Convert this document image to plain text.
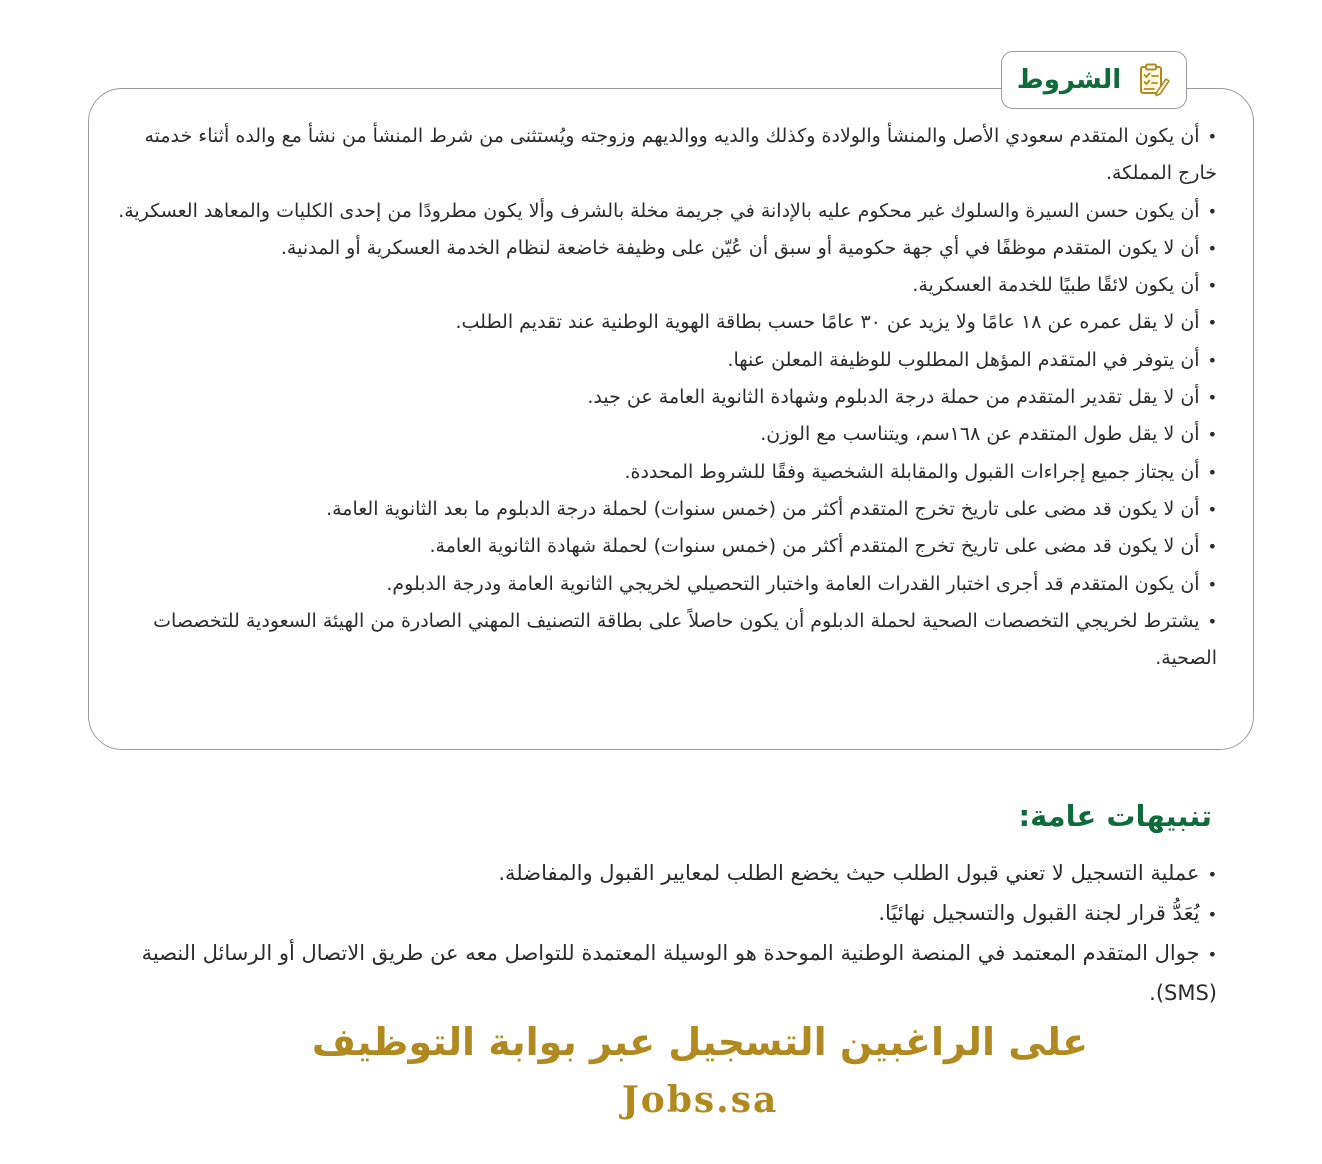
الشروط
•أن يكون المتقدم سعودي الأصل والمنشأ والولادة وكذلك والديه ووالديهم وزوجته ويُستثنى من شرط المنشأ من نشأ مع والده أثناء خدمته خارج المملكة.
•أن يكون حسن السيرة والسلوك غير محكوم عليه بالإدانة في جريمة مخلة بالشرف وألا يكون مطرودًا من إحدى الكليات والمعاهد العسكرية.
•أن لا يكون المتقدم موظفًا في أي جهة حكومية أو سبق أن عُيّن على وظيفة خاضعة لنظام الخدمة العسكرية أو المدنية.
•أن يكون لائقًا طبيًا للخدمة العسكرية.
•أن لا يقل عمره عن ١٨ عامًا ولا يزيد عن ٣٠ عامًا حسب بطاقة الهوية الوطنية عند تقديم الطلب.
•أن يتوفر في المتقدم المؤهل المطلوب للوظيفة المعلن عنها.
•أن لا يقل تقدير المتقدم من حملة درجة الدبلوم وشهادة الثانوية العامة عن جيد.
•أن لا يقل طول المتقدم عن ١٦٨سم، ويتناسب مع الوزن.
•أن يجتاز جميع إجراءات القبول والمقابلة الشخصية وفقًا للشروط المحددة.
•أن لا يكون قد مضى على تاريخ تخرج المتقدم أكثر من (خمس سنوات) لحملة درجة الدبلوم ما بعد الثانوية العامة.
•أن لا يكون قد مضى على تاريخ تخرج المتقدم أكثر من (خمس سنوات) لحملة شهادة الثانوية العامة.
•أن يكون المتقدم قد أجرى اختبار القدرات العامة واختبار التحصيلي لخريجي الثانوية العامة ودرجة الدبلوم.
•يشترط لخريجي التخصصات الصحية لحملة الدبلوم أن يكون حاصلاً على بطاقة التصنيف المهني الصادرة من الهيئة السعودية للتخصصات الصحية.
تنبيهات عامة:
•عملية التسجيل لا تعني قبول الطلب حيث يخضع الطلب لمعايير القبول والمفاضلة.
•يُعَدُّ قرار لجنة القبول والتسجيل نهائيًا.
•جوال المتقدم المعتمد في المنصة الوطنية الموحدة هو الوسيلة المعتمدة للتواصل معه عن طريق الاتصال أو الرسائل النصية (SMS).

على الراغبين التسجيل عبر بوابة التوظيف

Jobs.sa
